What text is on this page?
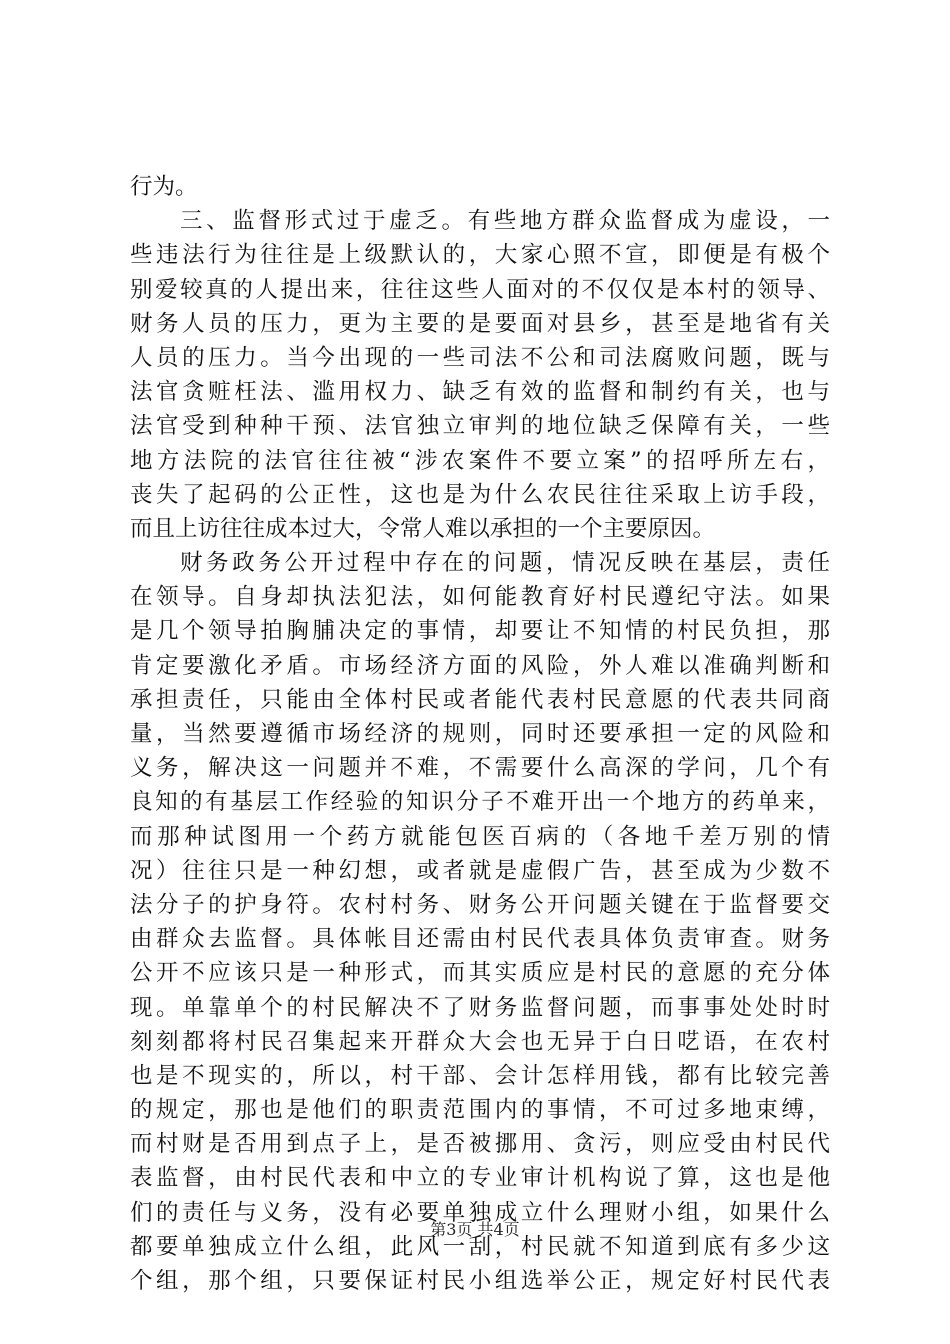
行为。
三、监督形式过于虚乏。有些地方群众监督成为虚设，一
些违法行为往往是上级默认的，大家心照不宣，即便是有极个
别爱较真的人提出来，往往这些人面对的不仅仅是本村的领导、
财务人员的压力，更为主要的是要面对县乡，甚至是地省有关
人员的压力。当今出现的一些司法不公和司法腐败问题，既与
法官贪赃枉法、滥用权力、缺乏有效的监督和制约有关，也与
法官受到种种干预、法官独立审判的地位缺乏保障有关，一些
地方法院的法官往往被“涉农案件不要立案”的招呼所左右，
丧失了起码的公正性，这也是为什么农民往往采取上访手段，
而且上访往往成本过大，令常人难以承担的一个主要原因。
财务政务公开过程中存在的问题，情况反映在基层，责任
在领导。自身却执法犯法，如何能教育好村民遵纪守法。如果
是几个领导拍胸脯决定的事情，却要让不知情的村民负担，那
肯定要激化矛盾。市场经济方面的风险，外人难以准确判断和
承担责任，只能由全体村民或者能代表村民意愿的代表共同商
量，当然要遵循市场经济的规则，同时还要承担一定的风险和
义务，解决这一问题并不难，不需要什么高深的学问，几个有
良知的有基层工作经验的知识分子不难开出一个地方的药单来，
而那种试图用一个药方就能包医百病的（各地千差万别的情
况）往往只是一种幻想，或者就是虚假广告，甚至成为少数不
法分子的护身符。农村村务、财务公开问题关键在于监督要交
由群众去监督。具体帐目还需由村民代表具体负责审查。财务
公开不应该只是一种形式，而其实质应是村民的意愿的充分体
现。单靠单个的村民解决不了财务监督问题，而事事处处时时
刻刻都将村民召集起来开群众大会也无异于白日呓语，在农村
也是不现实的，所以，村干部、会计怎样用钱，都有比较完善
的规定，那也是他们的职责范围内的事情，不可过多地束缚，
而村财是否用到点子上，是否被挪用、贪污，则应受由村民代
表监督，由村民代表和中立的专业审计机构说了算，这也是他
们的责任与义务，没有必要单独成立什么理财小组，如果什么
都要单独成立什么组，此风一刮，村民就不知道到底有多少这
个组，那个组，只要保证村民小组选举公正，规定好村民代表
第3页 共4页
